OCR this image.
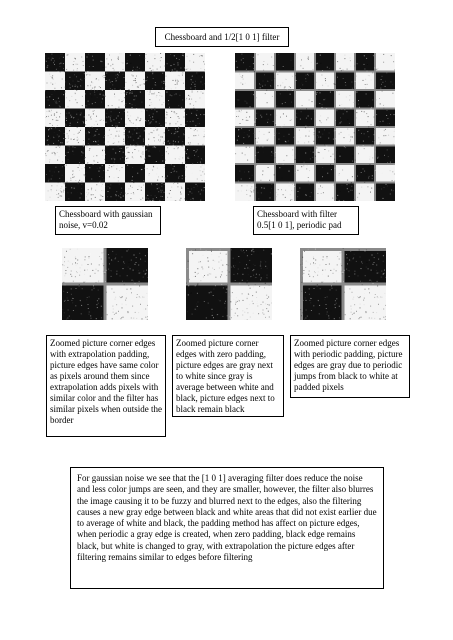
Chessboard and 1/2[1 0 1] filter
Chessboard with gaussian noise, v=0.02
Chessboard with filter 0.5[1 0 1], periodic pad
Zoomed picture corner edges with extrapolation padding, picture edges have same color as pixels around them since extrapolation adds pixels with similar color and the filter has similar pixels when outside the border
Zoomed picture corner edges with zero padding, picture edges are gray next to white since gray is average between white and black, picture edges next to black remain black
Zoomed picture corner edges with periodic padding, picture edges are gray due to periodic jumps from black to white at padded pixels
For gaussian noise we see that the [1 0 1] averaging filter does reduce the noise and less color jumps are seen, and they are smaller, however, the filter also blurres the image causing it to be fuzzy and blurred next to the edges, also the filtering causes a new gray edge between black and white areas that did not exist earlier due to average of white and black, the padding method has affect on picture edges, when periodic a gray edge is created, when zero padding, black edge remains black, but white is changed to gray, with extrapolation the picture edges after filtering remains similar to edges before filtering
